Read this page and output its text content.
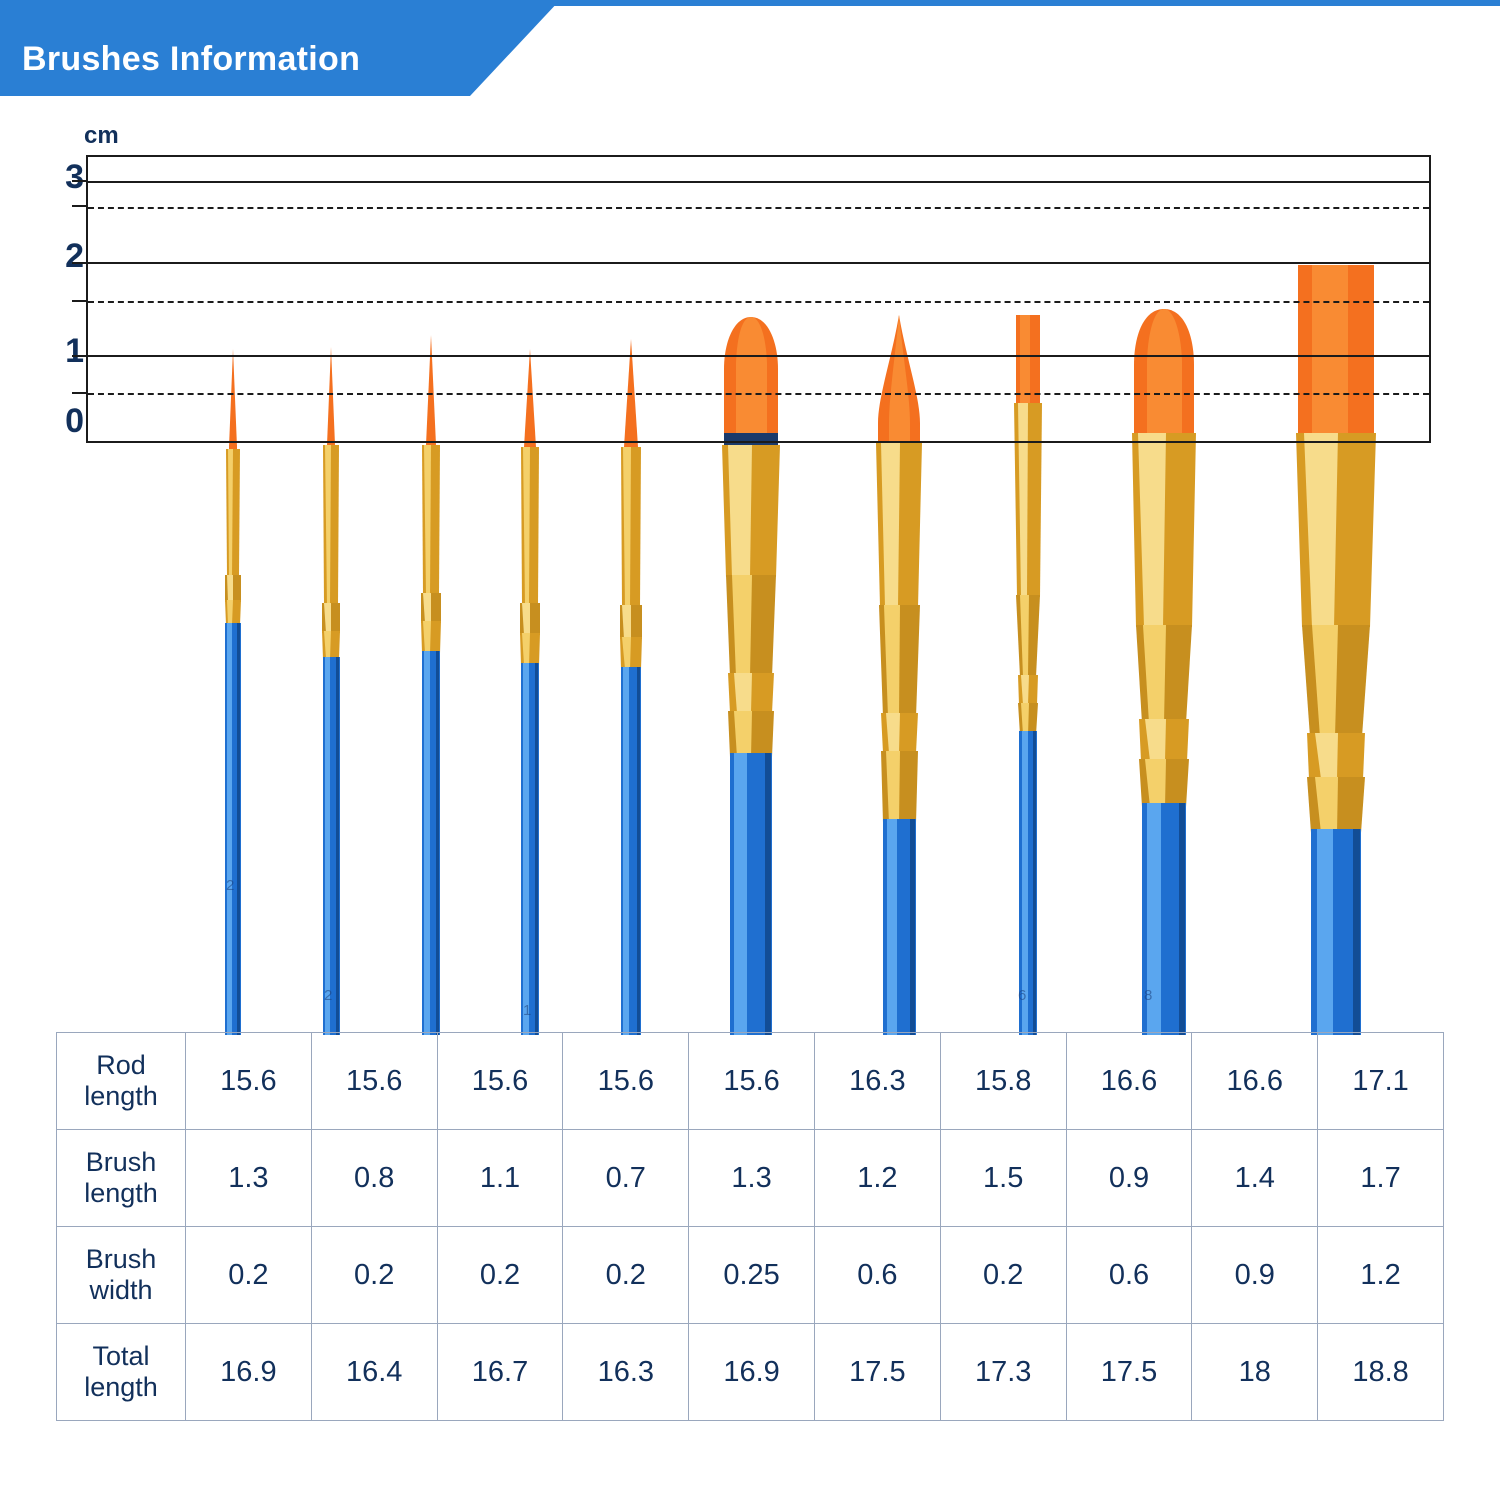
Brushes Information
cm
3
2
1
0
2
2
1
6	8
Rod
length	15.6	15.6	15.6	15.6	15.6	16.3	15.8	16.6	16.6	17.1

Brush
length	1.3	0.8	1.1	0.7	1.3	1.2	1.5	0.9	1.4	1.7

Brush
width	0.2	0.2	0.2	0.2	0.25	0.6	0.2	0.6	0.9	1.2

Total
length	16.9	16.4	16.7	16.3	16.9	17.5	17.3	17.5	18	18.8
